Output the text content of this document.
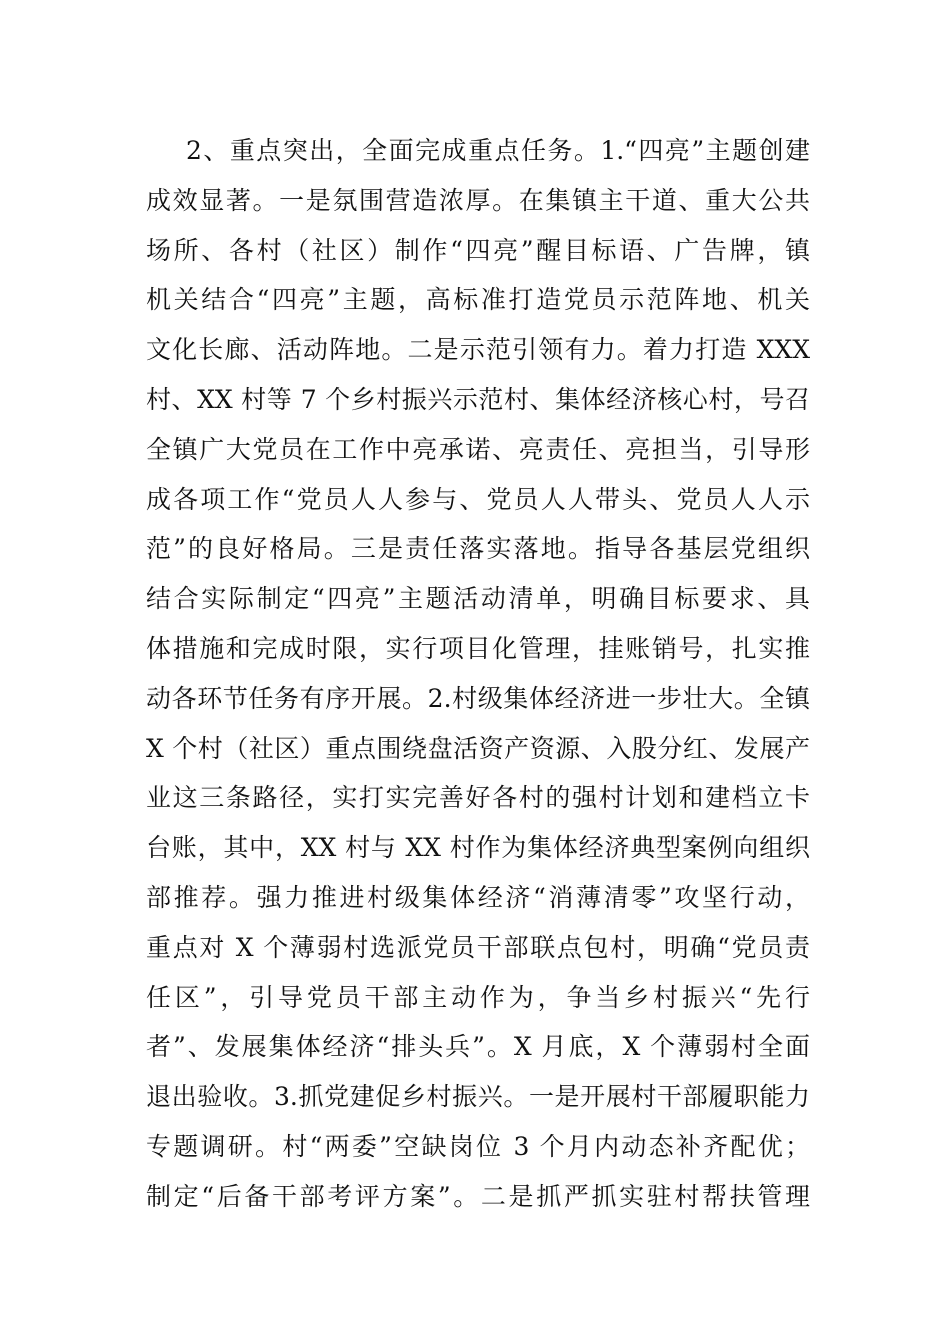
2、重点突出，全面完成重点任务。1.“四亮”主题创建
成效显著。一是氛围营造浓厚。在集镇主干道、重大公共
场所、各村（社区）制作“四亮”醒目标语、广告牌，镇
机关结合“四亮”主题，高标准打造党员示范阵地、机关
文化长廊、活动阵地。二是示范引领有力。着力打造 XXX
村、XX 村等 7 个乡村振兴示范村、集体经济核心村，号召
全镇广大党员在工作中亮承诺、亮责任、亮担当，引导形
成各项工作“党员人人参与、党员人人带头、党员人人示
范”的良好格局。三是责任落实落地。指导各基层党组织
结合实际制定“四亮”主题活动清单，明确目标要求、具
体措施和完成时限，实行项目化管理，挂账销号，扎实推
动各环节任务有序开展。2.村级集体经济进一步壮大。全镇
X 个村（社区）重点围绕盘活资产资源、入股分红、发展产
业这三条路径，实打实完善好各村的强村计划和建档立卡
台账，其中，XX 村与 XX 村作为集体经济典型案例向组织
部推荐。强力推进村级集体经济“消薄清零”攻坚行动，
重点对 X 个薄弱村选派党员干部联点包村，明确“党员责
任区”，引导党员干部主动作为，争当乡村振兴“先行
者”、发展集体经济“排头兵”。X 月底，X 个薄弱村全面
退出验收。3.抓党建促乡村振兴。一是开展村干部履职能力
专题调研。村“两委”空缺岗位 3 个月内动态补齐配优；
制定“后备干部考评方案”。二是抓严抓实驻村帮扶管理
